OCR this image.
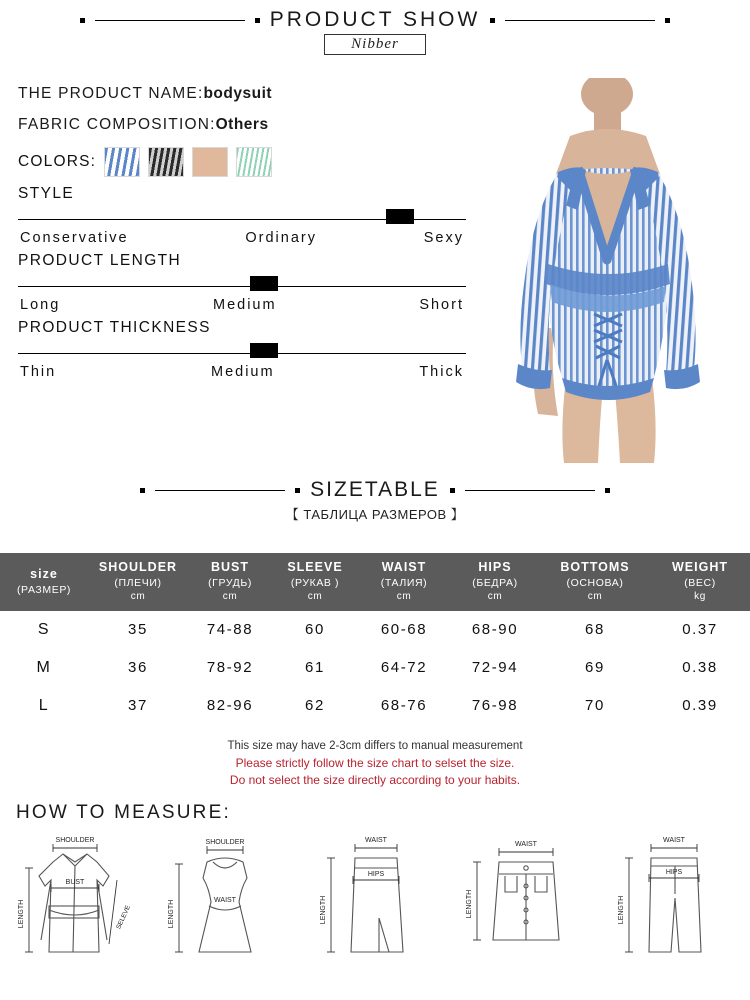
PRODUCT SHOW
Nibber
THE PRODUCT NAME:bodysuit
FABRIC COMPOSITION:Others
COLORS:
STYLE
Conservative	Ordinary	Sexy
PRODUCT LENGTH
Long	Medium	Short
PRODUCT THICKNESS
Thin	Medium	Thick
SIZETABLE
【 ТАБЛИЦА РАЗМЕРОВ 】
size
(РАЗМЕР)

SHOULDER
(ПЛЕЧИ)
cm

BUST
(ГРУДЬ)
cm

SLEEVE
(РУКАВ )
cm

WAIST
(ТАЛИЯ)
cm

HIPS
(БЕДРА)
cm

BOTTOMS
(ОСНОВА)
cm

WEIGHT
(ВЕС)
kg

S	35	74-88	60	60-68	68-90	68	0.37
M	36	78-92	61	64-72	72-94	69	0.38
L	37	82-96	62	68-76	76-98	70	0.39
This size may have 2-3cm differs to manual measurement
Please strictly follow the size chart to selset the size.
Do not select the size directly according to your habits.
HOW TO MEASURE:
SHOULDER
BUST
LENGTH	SELEVE
SHOULDER
WAIST
LENGTH
WAIST
HIPS
LENGTH
WAIST
LENGTH
WAIST
HIPS
LENGTH
